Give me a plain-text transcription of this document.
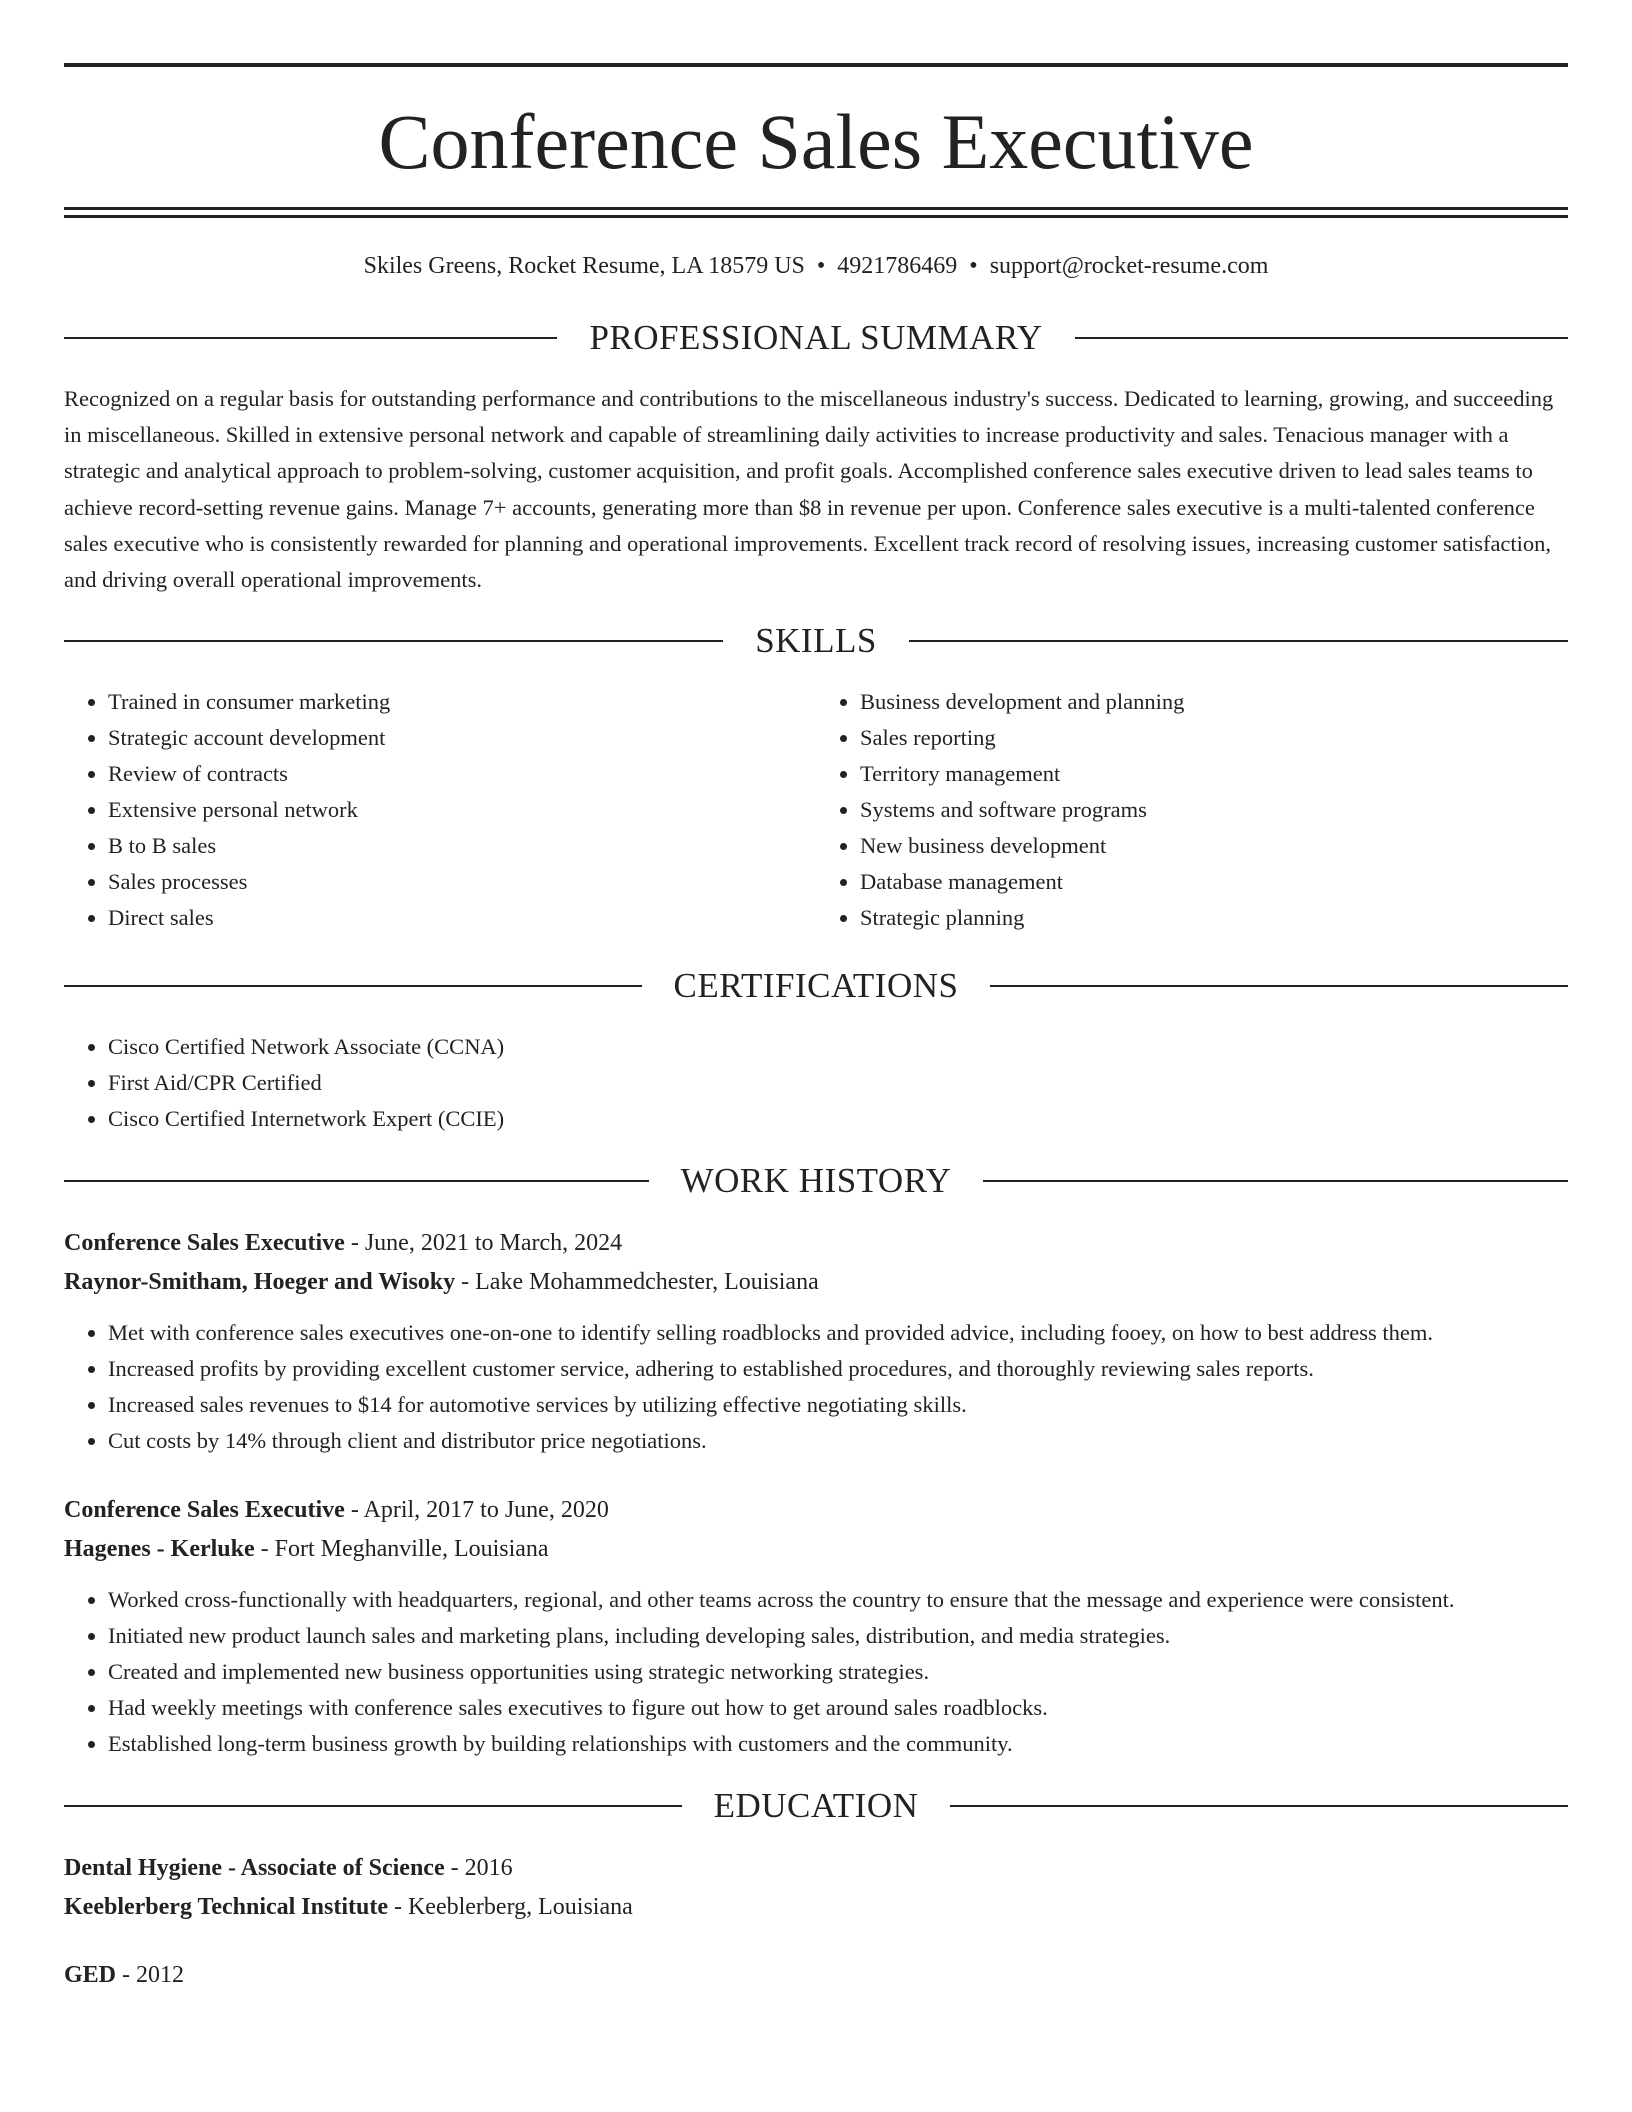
Conference Sales Executive
Skiles Greens, Rocket Resume, LA 18579 US • 4921786469 • support@rocket-resume.com
PROFESSIONAL SUMMARY
Recognized on a regular basis for outstanding performance and contributions to the miscellaneous industry's success. Dedicated to learning, growing, and succeeding in miscellaneous. Skilled in extensive personal network and capable of streamlining daily activities to increase productivity and sales. Tenacious manager with a strategic and analytical approach to problem-solving, customer acquisition, and profit goals. Accomplished conference sales executive driven to lead sales teams to achieve record-setting revenue gains. Manage 7+ accounts, generating more than $8 in revenue per upon. Conference sales executive is a multi-talented conference sales executive who is consistently rewarded for planning and operational improvements. Excellent track record of resolving issues, increasing customer satisfaction, and driving overall operational improvements.
SKILLS
• Trained in consumer marketing
• Strategic account development
• Review of contracts
• Extensive personal network
• B to B sales
• Sales processes
• Direct sales
• Business development and planning
• Sales reporting
• Territory management
• Systems and software programs
• New business development
• Database management
• Strategic planning
CERTIFICATIONS
• Cisco Certified Network Associate (CCNA)
• First Aid/CPR Certified
• Cisco Certified Internetwork Expert (CCIE)
WORK HISTORY
Conference Sales Executive - June, 2021 to March, 2024
Raynor-Smitham, Hoeger and Wisoky - Lake Mohammedchester, Louisiana
• Met with conference sales executives one-on-one to identify selling roadblocks and provided advice, including fooey, on how to best address them.
• Increased profits by providing excellent customer service, adhering to established procedures, and thoroughly reviewing sales reports.
• Increased sales revenues to $14 for automotive services by utilizing effective negotiating skills.
• Cut costs by 14% through client and distributor price negotiations.
Conference Sales Executive - April, 2017 to June, 2020
Hagenes - Kerluke - Fort Meghanville, Louisiana
• Worked cross-functionally with headquarters, regional, and other teams across the country to ensure that the message and experience were consistent.
• Initiated new product launch sales and marketing plans, including developing sales, distribution, and media strategies.
• Created and implemented new business opportunities using strategic networking strategies.
• Had weekly meetings with conference sales executives to figure out how to get around sales roadblocks.
• Established long-term business growth by building relationships with customers and the community.
EDUCATION
Dental Hygiene - Associate of Science - 2016
Keeblerberg Technical Institute - Keeblerberg, Louisiana
GED - 2012
